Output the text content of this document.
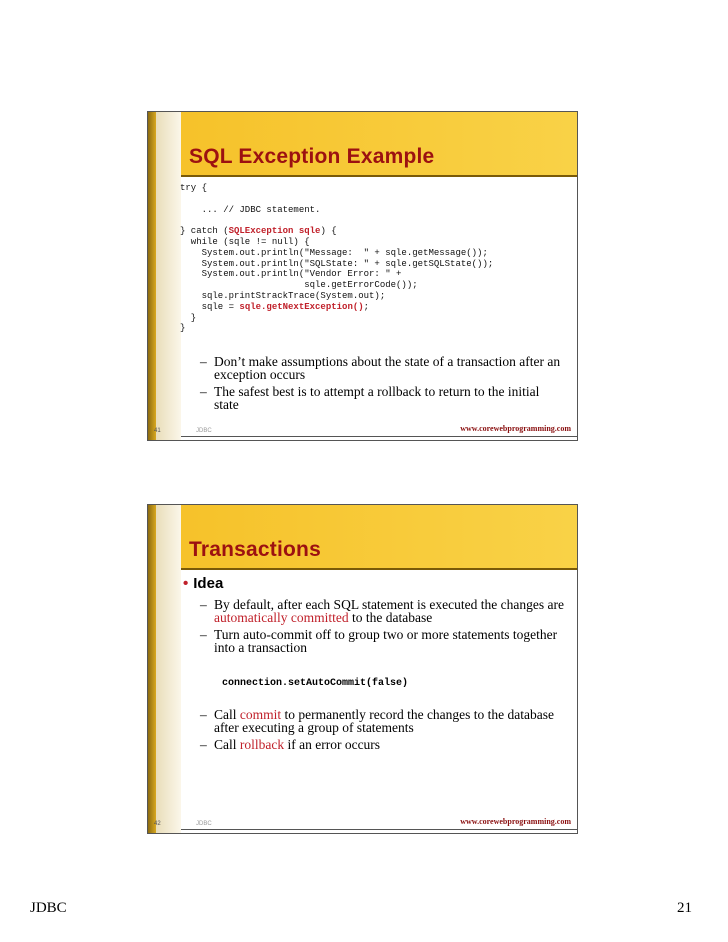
SQL Exception Example
try {

... // JDBC statement.

} catch (SQLException sqle) {
while (sqle != null) {
System.out.println("Message:  " + sqle.getMessage());
System.out.println("SQLState: " + sqle.getSQLState());
System.out.println("Vendor Error: " +
sqle.getErrorCode());
sqle.printStrackTrace(System.out);
sqle = sqle.getNextException();
}
}
– Don’t make assumptions about the state of a transaction after an exception occurs
– The safest best is to attempt a rollback to return to the initial state
41	JDBC	www.corewebprogramming.com
Transactions
• Idea
– By default, after each SQL statement is executed the changes are automatically committed to the database
– Turn auto-commit off to group two or more statements together into a transaction
connection.setAutoCommit(false)
– Call commit to permanently record the changes to the database after executing a group of statements
– Call rollback if an error occurs
42	JDBC	www.corewebprogramming.com
JDBC	21
